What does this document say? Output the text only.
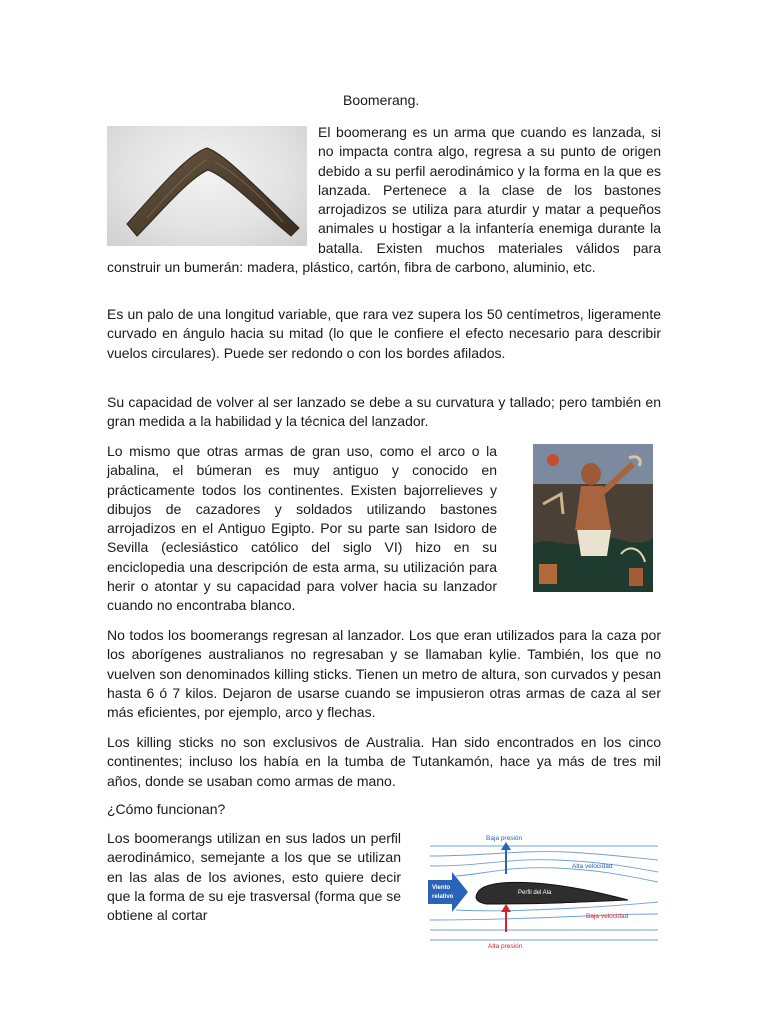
Boomerang.

El boomerang es un arma que cuando es lanzada, si no impacta contra algo, regresa a su punto de origen debido a su perfil aerodinámico y la forma en la que es lanzada. Pertenece a la clase de los bastones arrojadizos se utiliza para aturdir y matar a pequeños animales u hostigar a la infantería enemiga durante la batalla. Existen muchos materiales válidos para construir un bumerán: madera, plástico, cartón, fibra de carbono, aluminio, etc.

Es un palo de una longitud variable, que rara vez supera los 50 centímetros, ligeramente curvado en ángulo hacia su mitad (lo que le confiere el efecto necesario para describir vuelos circulares). Puede ser redondo o con los bordes afilados.

Su capacidad de volver al ser lanzado se debe a su curvatura y tallado; pero también en gran medida a la habilidad y la técnica del lanzador.

Lo mismo que otras armas de gran uso, como el arco o la jabalina, el búmeran es muy antiguo y conocido en prácticamente todos los continentes. Existen bajorrelieves y dibujos de cazadores y soldados utilizando bastones arrojadizos en el Antiguo Egipto. Por su parte san Isidoro de Sevilla (eclesiástico católico del siglo VI) hizo en su enciclopedia una descripción de esta arma, su utilización para herir o atontar y su capacidad para volver hacia su lanzador cuando no encontraba blanco.

No todos los boomerangs regresan al lanzador. Los que eran utilizados para la caza por los aborígenes australianos no regresaban y se llamaban kylie. También, los que no vuelven son denominados killing sticks. Tienen un metro de altura, son curvados y pesan hasta 6 ó 7 kilos. Dejaron de usarse cuando se impusieron otras armas de caza al ser más eficientes, por ejemplo, arco y flechas.

Los killing sticks no son exclusivos de Australia. Han sido encontrados en los cinco continentes; incluso los había en la tumba de Tutankamón, hace ya más de tres mil años, donde se usaban como armas de mano.

¿Cómo funcionan?

Los boomerangs utilizan en sus lados un perfil aerodinámico, semejante a los que se utilizan en las alas de los aviones, esto quiere decir que la forma de su eje trasversal (forma que se obtiene al cortar

Baja presión
Alta velocidad
Viento
relativo
Perfil del Ala
Baja velocidad
Alta presión
